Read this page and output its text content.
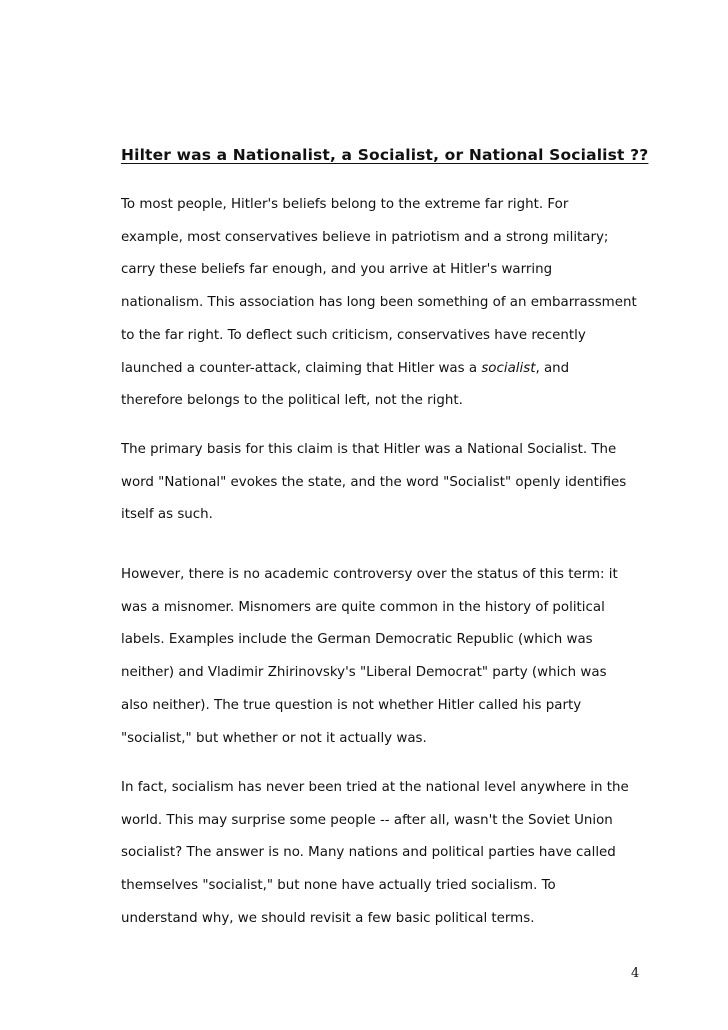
Hilter was a Nationalist, a Socialist, or National Socialist ??

To most people, Hitler's beliefs belong to the extreme far right. For
example, most conservatives believe in patriotism and a strong military;
carry these beliefs far enough, and you arrive at Hitler's warring
nationalism. This association has long been something of an embarrassment
to the far right. To deflect such criticism, conservatives have recently
launched a counter-attack, claiming that Hitler was a socialist, and
therefore belongs to the political left, not the right.

The primary basis for this claim is that Hitler was a National Socialist. The
word "National" evokes the state, and the word "Socialist" openly identifies
itself as such.

However, there is no academic controversy over the status of this term: it
was a misnomer. Misnomers are quite common in the history of political
labels. Examples include the German Democratic Republic (which was
neither) and Vladimir Zhirinovsky's "Liberal Democrat" party (which was
also neither). The true question is not whether Hitler called his party
"socialist," but whether or not it actually was.

In fact, socialism has never been tried at the national level anywhere in the
world. This may surprise some people -- after all, wasn't the Soviet Union
socialist? The answer is no. Many nations and political parties have called
themselves "socialist," but none have actually tried socialism. To
understand why, we should revisit a few basic political terms.

4
